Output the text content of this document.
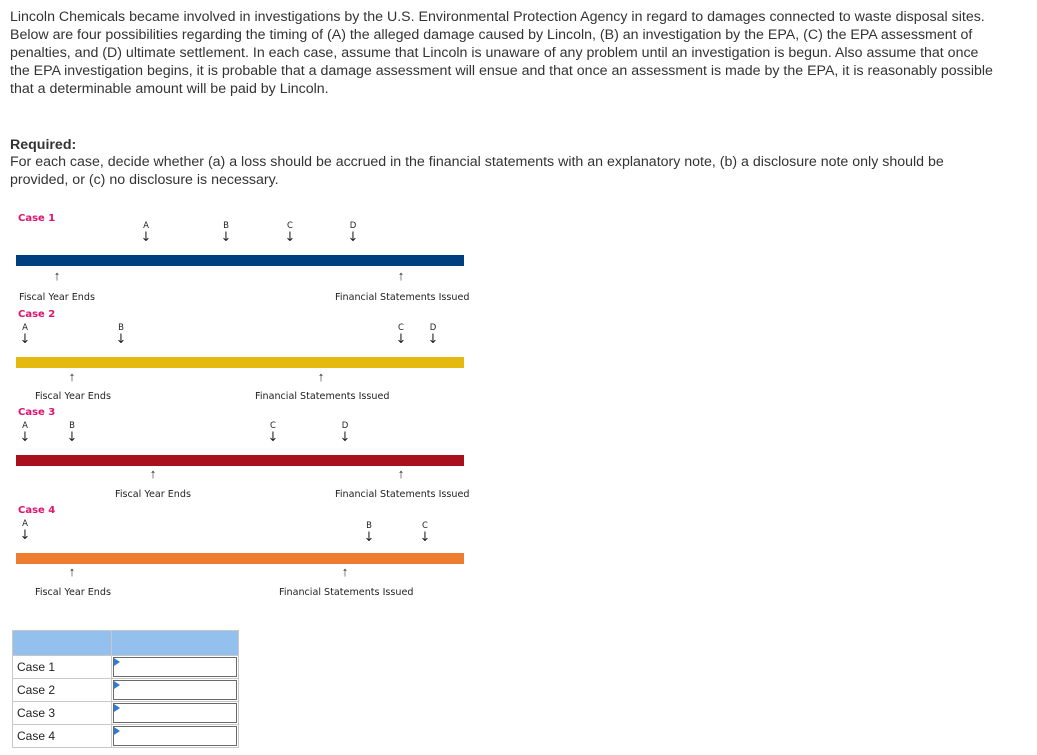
Lincoln Chemicals became involved in investigations by the U.S. Environmental Protection Agency in regard to damages connected to waste disposal sites. Below are four possibilities regarding the timing of (A) the alleged damage caused by Lincoln, (B) an investigation by the EPA, (C) the EPA assessment of penalties, and (D) ultimate settlement. In each case, assume that Lincoln is unaware of any problem until an investigation is begun. Also assume that once the EPA investigation begins, it is probable that a damage assessment will ensue and that once an assessment is made by the EPA, it is reasonably possible that a determinable amount will be paid by Lincoln.

Required:

For each case, decide whether (a) a loss should be accrued in the financial statements with an explanatory note, (b) a disclosure note only should be provided, or (c) no disclosure is necessary.

Case 1
A
↓
B
↓
C
↓
D
↓
↑	↑
Fiscal Year Ends	Financial Statements Issued
Case 2
A
↓
B
↓
C
↓
D
↓
↑	↑
Fiscal Year Ends	Financial Statements Issued
Case 3
A
↓
B
↓
C
↓
D
↓
↑	↑
Fiscal Year Ends	Financial Statements Issued
Case 4
A
↓
B
↓
C
↓
↑	↑
Fiscal Year Ends	Financial Statements Issued

Case 1	

Case 2	

Case 3	

Case 4	
